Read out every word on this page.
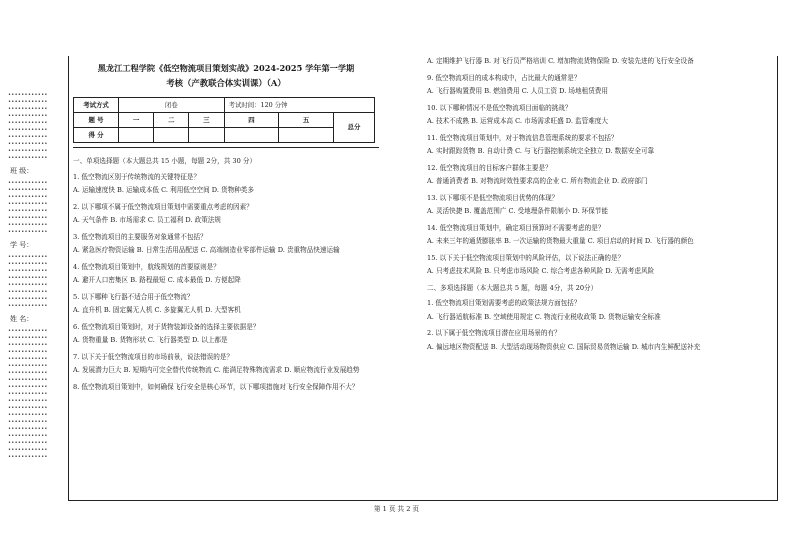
••••••••••••
••••••••••••
••••••••••••
••••••••••••
••••••••••••
••••••••••••
••••••••••••
••••••••••••
••••••••••••
••••••••••••
班 级：
••••••••••••
••••••••••••
••••••••••••
••••••••••••
••••••••••••
••••••••••••
••••••••••••
••••••••••••
学 号：
••••••••••••
••••••••••••
••••••••••••
••••••••••••
••••••••••••
••••••••••••
••••••••••••
••••••••••••
姓 名：
••••••••••••
••••••••••••
••••••••••••
••••••••••••
••••••••••••
••••••••••••
••••••••••••
••••••••••••
••••••••••••
••••••••••••
••••••••••••
••••••••••••
••••••••••••
••••••••••••
••••••••••••
••••••••••••
••••••••••••
••••••••••••
••••••••••••
黑龙江工程学院《低空物流项目策划实战》2024-2025 学年第一学期
考核（产教联合体实训课）（A）
考试方式	闭卷			考试时间：120 分钟		
题 号	一	二	三	四	五	总分
得 分						
一、单项选择题（本大题总共 15 小题，每题 2分，共 30 分）
1. 低空物流区别于传统物流的关键特征是？
A. 运输速度快 B. 运输成本低 C. 利用低空空间 D. 货物种类多
2. 以下哪项不属于低空物流项目策划中需要重点考虑的因素？
A. 天气条件 B. 市场需求 C. 员工福利 D. 政策法规
3. 低空物流项目的主要服务对象通常不包括？
A. 紧急医疗物资运输 B. 日常生活用品配送 C. 高端制造业零部件运输 D. 贵重物品快速运输
4. 低空物流项目策划中，航线规划的首要原则是？
A. 避开人口密集区 B. 路程最短 C. 成本最低 D. 方便起降
5. 以下哪种飞行器不适合用于低空物流？
A. 直升机 B. 固定翼无人机 C. 多旋翼无人机 D. 大型客机
6. 低空物流项目策划时，对于货物装卸设备的选择主要依据是？
A. 货物重量 B. 货物形状 C. 飞行器类型 D. 以上都是
7. 以下关于低空物流项目的市场前景，说法错误的是？
A. 发展潜力巨大 B. 短期内可完全替代传统物流 C. 能满足特殊物流需求 D. 顺应物流行业发展趋势
8. 低空物流项目策划中，如何确保飞行安全是核心环节，以下哪项措施对飞行安全保障作用不大？
A. 定期维护飞行器 B. 对飞行员严格培训 C. 增加物流货物保险 D. 安装先进的飞行安全设备
9. 低空物流项目的成本构成中，占比最大的通常是？
A. 飞行器购置费用 B. 燃油费用 C. 人员工资 D. 场地租赁费用
10. 以下哪种情况不是低空物流项目面临的挑战？
A. 技术不成熟 B. 运营成本高 C. 市场需求旺盛 D. 监管难度大
11. 低空物流项目策划中，对于物流信息管理系统的要求不包括？
A. 实时跟踪货物 B. 自动计费 C. 与飞行器控制系统完全独立 D. 数据安全可靠
12. 低空物流项目的目标客户群体主要是？
A. 普通消费者 B. 对物流时效性要求高的企业 C. 所有物流企业 D. 政府部门
13. 以下哪项不是低空物流项目优势的体现？
A. 灵活快捷 B. 覆盖范围广 C. 受地理条件限制小 D. 环保节能
14. 低空物流项目策划中，确定项目预算时不需要考虑的是？
A. 未来三年的通货膨胀率 B. 一次运输的货物最大重量 C. 项目启动的时间 D. 飞行器的颜色
15. 以下关于低空物流项目策划中的风险评估，以下说法正确的是？
A. 只考虑技术风险 B. 只考虑市场风险 C. 综合考虑各种风险 D. 无需考虑风险
二、多项选择题（本大题总共 5 题，每题 4分，共 20分）
1. 低空物流项目策划需要考虑的政策法规方面包括？
A. 飞行器适航标准 B. 空域使用规定 C. 物流行业税收政策 D. 货物运输安全标准
2. 以下属于低空物流项目潜在应用场景的有？
A. 偏远地区物资配送 B. 大型活动现场物资供应 C. 国际贸易货物运输 D. 城市内生鲜配送补充
第 1 页 共 2 页
